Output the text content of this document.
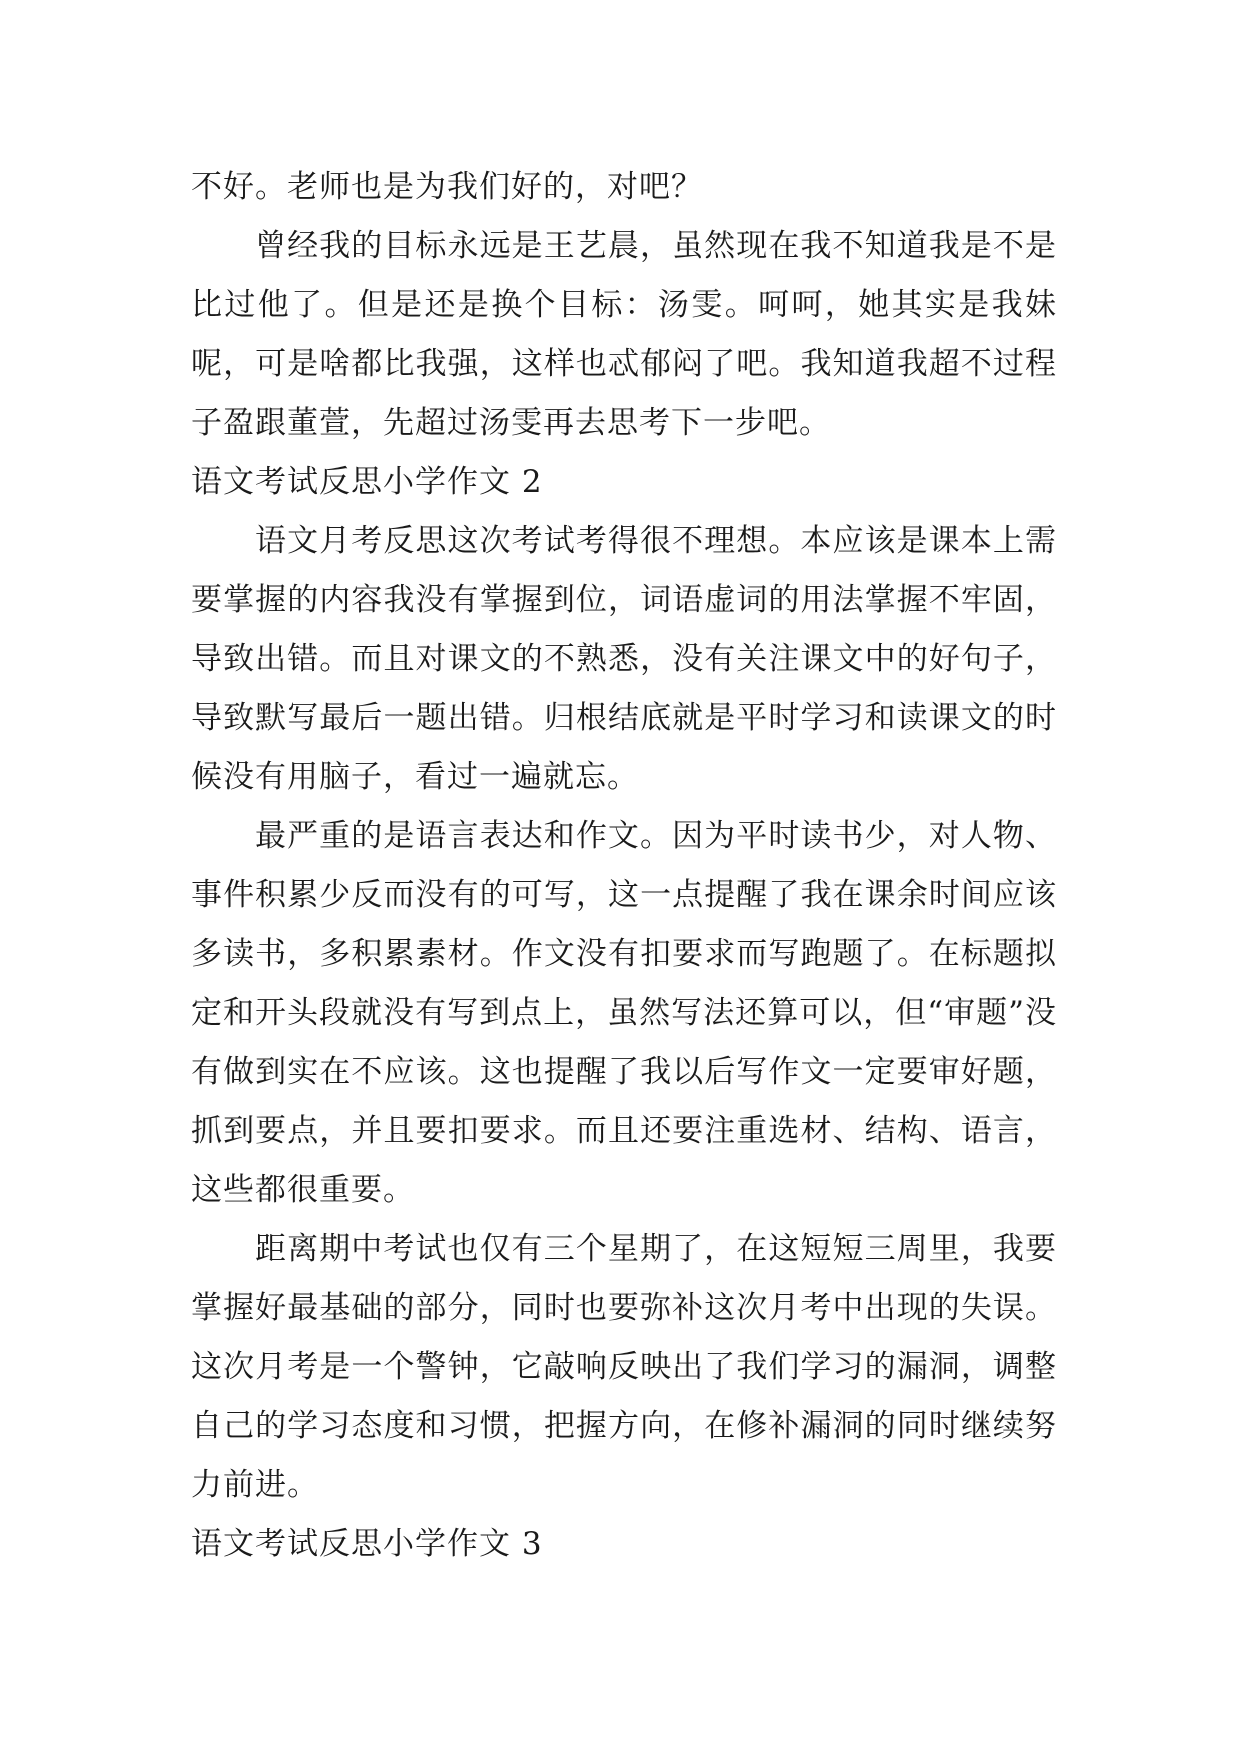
不好。老师也是为我们好的，对吧？

曾经我的目标永远是王艺晨，虽然现在我不知道我是不是比过他了。但是还是换个目标：汤雯。呵呵，她其实是我妹呢，可是啥都比我强，这样也忒郁闷了吧。我知道我超不过程子盈跟董萱，先超过汤雯再去思考下一步吧。

语文考试反思小学作文 2

语文月考反思这次考试考得很不理想。本应该是课本上需要掌握的内容我没有掌握到位，词语虚词的用法掌握不牢固，导致出错。而且对课文的不熟悉，没有关注课文中的好句子，导致默写最后一题出错。归根结底就是平时学习和读课文的时候没有用脑子，看过一遍就忘。

最严重的是语言表达和作文。因为平时读书少，对人物、事件积累少反而没有的可写，这一点提醒了我在课余时间应该多读书，多积累素材。作文没有扣要求而写跑题了。在标题拟定和开头段就没有写到点上，虽然写法还算可以，但“审题”没有做到实在不应该。这也提醒了我以后写作文一定要审好题，抓到要点，并且要扣要求。而且还要注重选材、结构、语言，这些都很重要。

距离期中考试也仅有三个星期了，在这短短三周里，我要掌握好最基础的部分，同时也要弥补这次月考中出现的失误。这次月考是一个警钟，它敲响反映出了我们学习的漏洞，调整自己的学习态度和习惯，把握方向，在修补漏洞的同时继续努力前进。

语文考试反思小学作文 3
